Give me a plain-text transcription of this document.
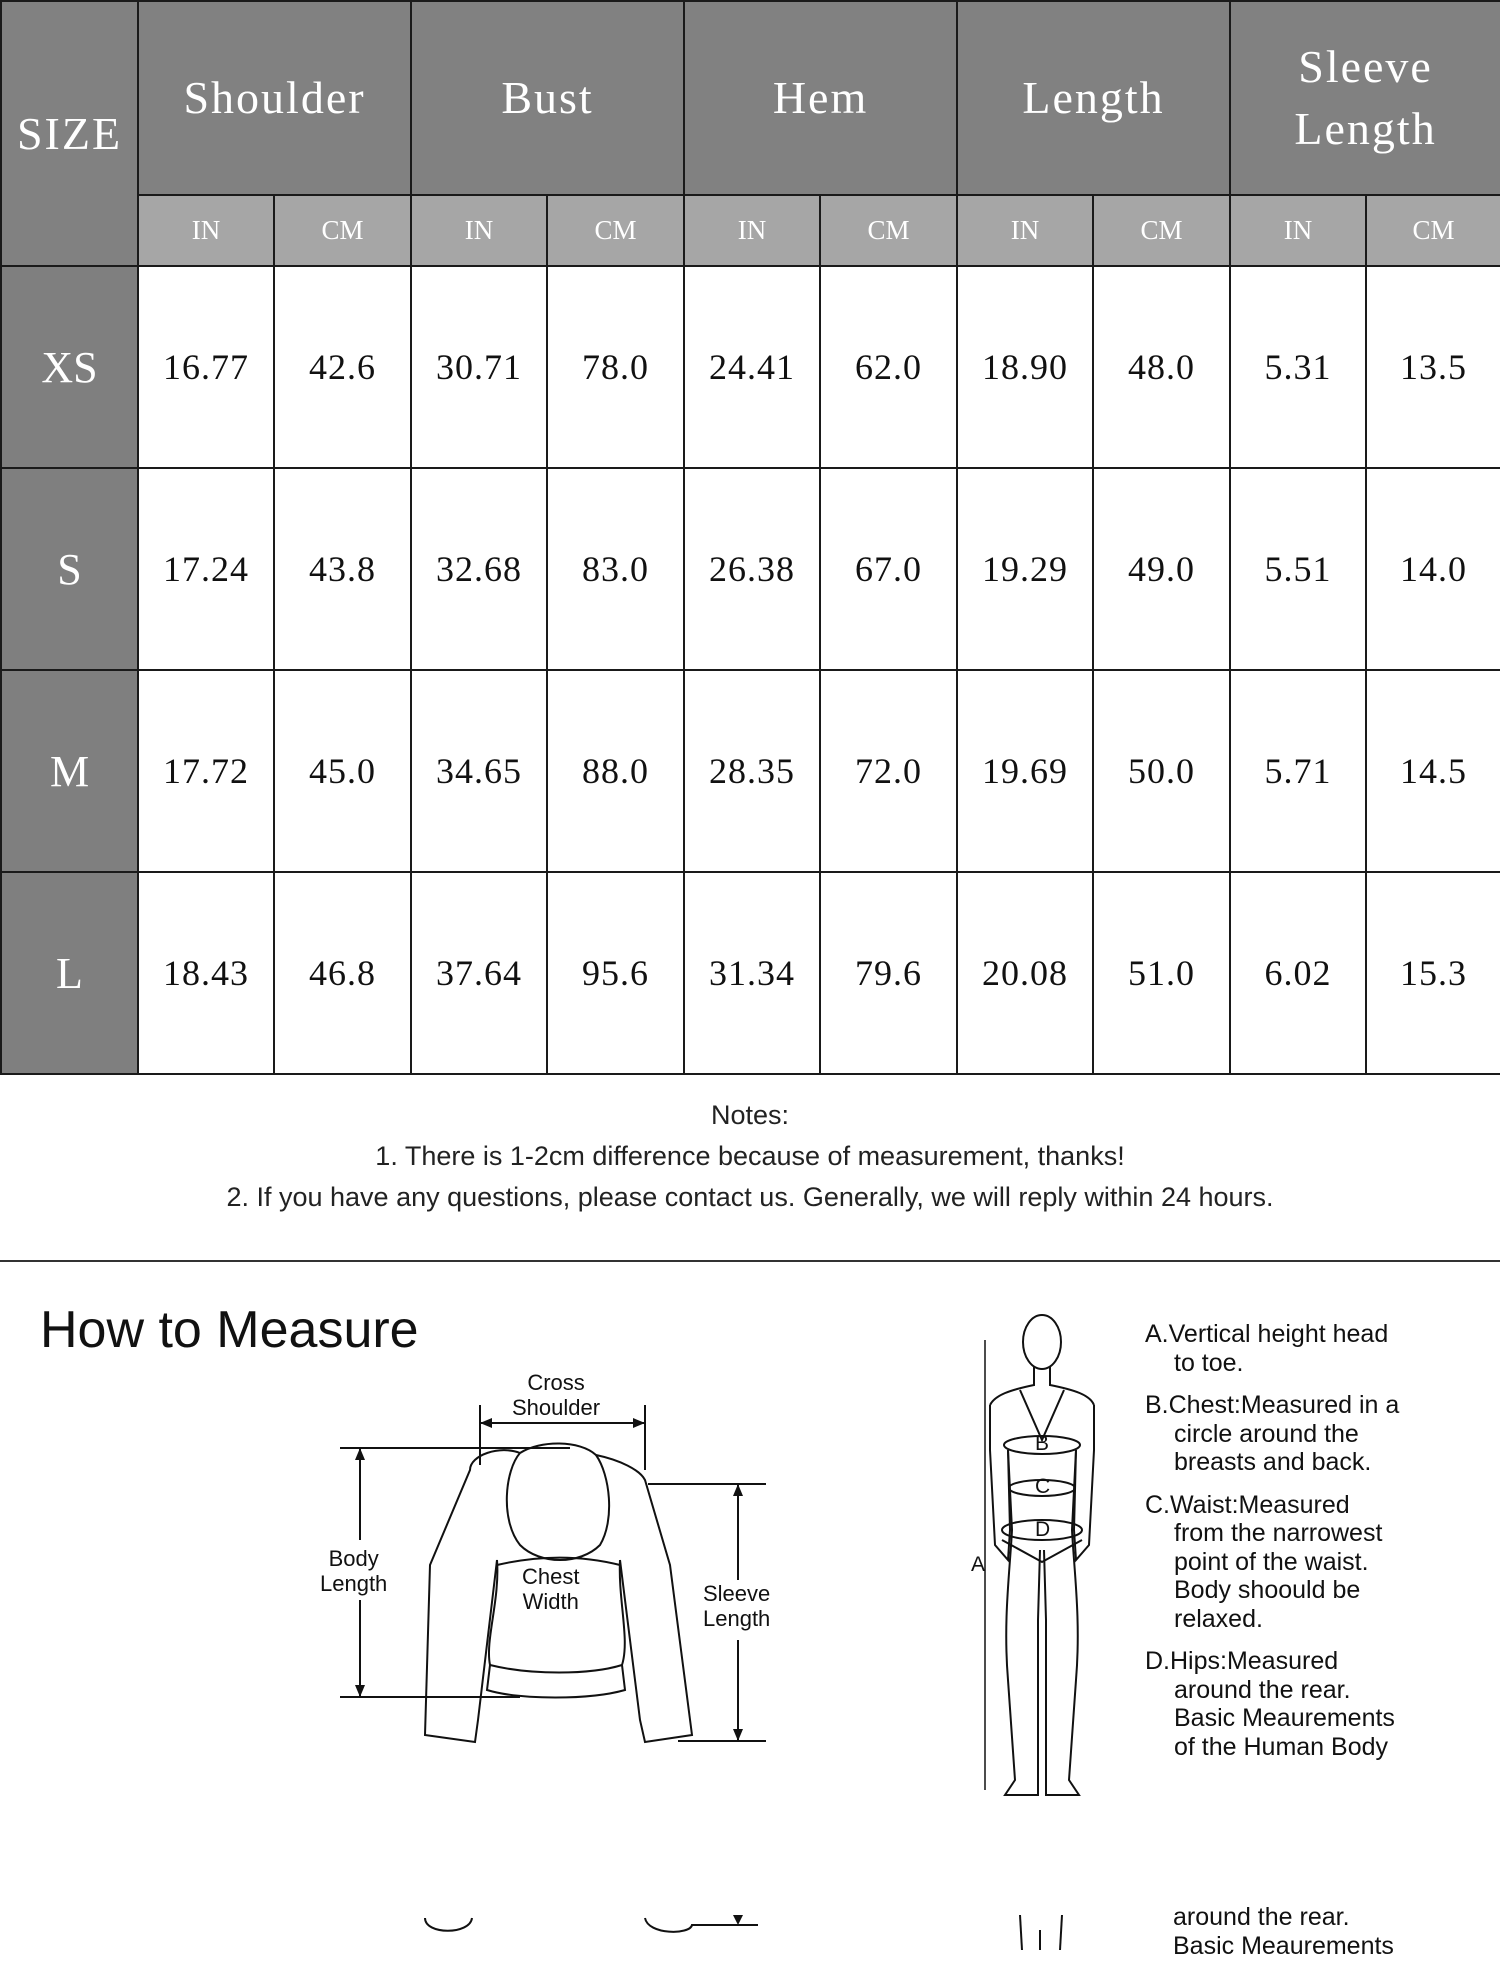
SIZE	Shoulder		Bust		Hem		Length		Sleeve
Length	

	IN	CM	IN	CM	IN	CM	IN	CM	IN	CM
XS	16.77	42.6	30.71	78.0	24.41	62.0	18.90	48.0	5.31	13.5
S	17.24	43.8	32.68	83.0	26.38	67.0	19.29	49.0	5.51	14.0
M	17.72	45.0	34.65	88.0	28.35	72.0	19.69	50.0	5.71	14.5
L	18.43	46.8	37.64	95.6	31.34	79.6	20.08	51.0	6.02	15.3
Notes:
1. There is 1-2cm difference because of measurement, thanks!
2. If you have any questions, please contact us. Generally, we will reply within 24 hours.
How to Measure
Cross
Shoulder
Body
Length	Chest
Width	Sleeve
Length
A
B
C
D
A.Vertical height head
to toe.
B.Chest:Measured in a
circle around the
breasts and back.
C.Waist:Measured
from the narrowest
point of the waist.
Body shoould be
relaxed.
D.Hips:Measured
around the rear.
Basic Meaurements
of the Human Body
around the rear.
Basic Meaurements
